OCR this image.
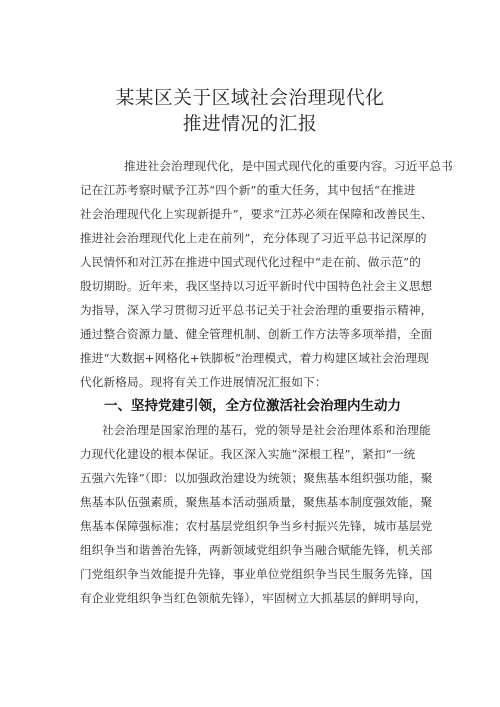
某某区关于区域社会治理现代化
推进情况的汇报
推进社会治理现代化，是中国式现代化的重要内容。习近平总书
记在江苏考察时赋予江苏“四个新”的重大任务，其中包括“在推进
社会治理现代化上实现新提升”，要求“江苏必须在保障和改善民生、
推进社会治理现代化上走在前列”，充分体现了习近平总书记深厚的
人民情怀和对江苏在推进中国式现代化过程中“走在前、做示范”的
殷切期盼。近年来，我区坚持以习近平新时代中国特色社会主义思想
为指导，深入学习贯彻习近平总书记关于社会治理的重要指示精神，
通过整合资源力量、健全管理机制、创新工作方法等多项举措，全面
推进“大数据+网格化+铁脚板”治理模式，着力构建区域社会治理现
代化新格局。现将有关工作进展情况汇报如下：
一、坚持党建引领，全方位激活社会治理内生动力
社会治理是国家治理的基石，党的领导是社会治理体系和治理能
力现代化建设的根本保证。我区深入实施“深根工程”，紧扣“一统
五强六先锋”（即：以加强政治建设为统领；聚焦基本组织强功能，聚
焦基本队伍强素质，聚焦基本活动强质量，聚焦基本制度强效能，聚
焦基本保障强标准；农村基层党组织争当乡村振兴先锋，城市基层党
组织争当和谐善治先锋，两新领域党组织争当融合赋能先锋，机关部
门党组织争当效能提升先锋，事业单位党组织争当民生服务先锋，国
有企业党组织争当红色领航先锋），牢固树立大抓基层的鲜明导向，
